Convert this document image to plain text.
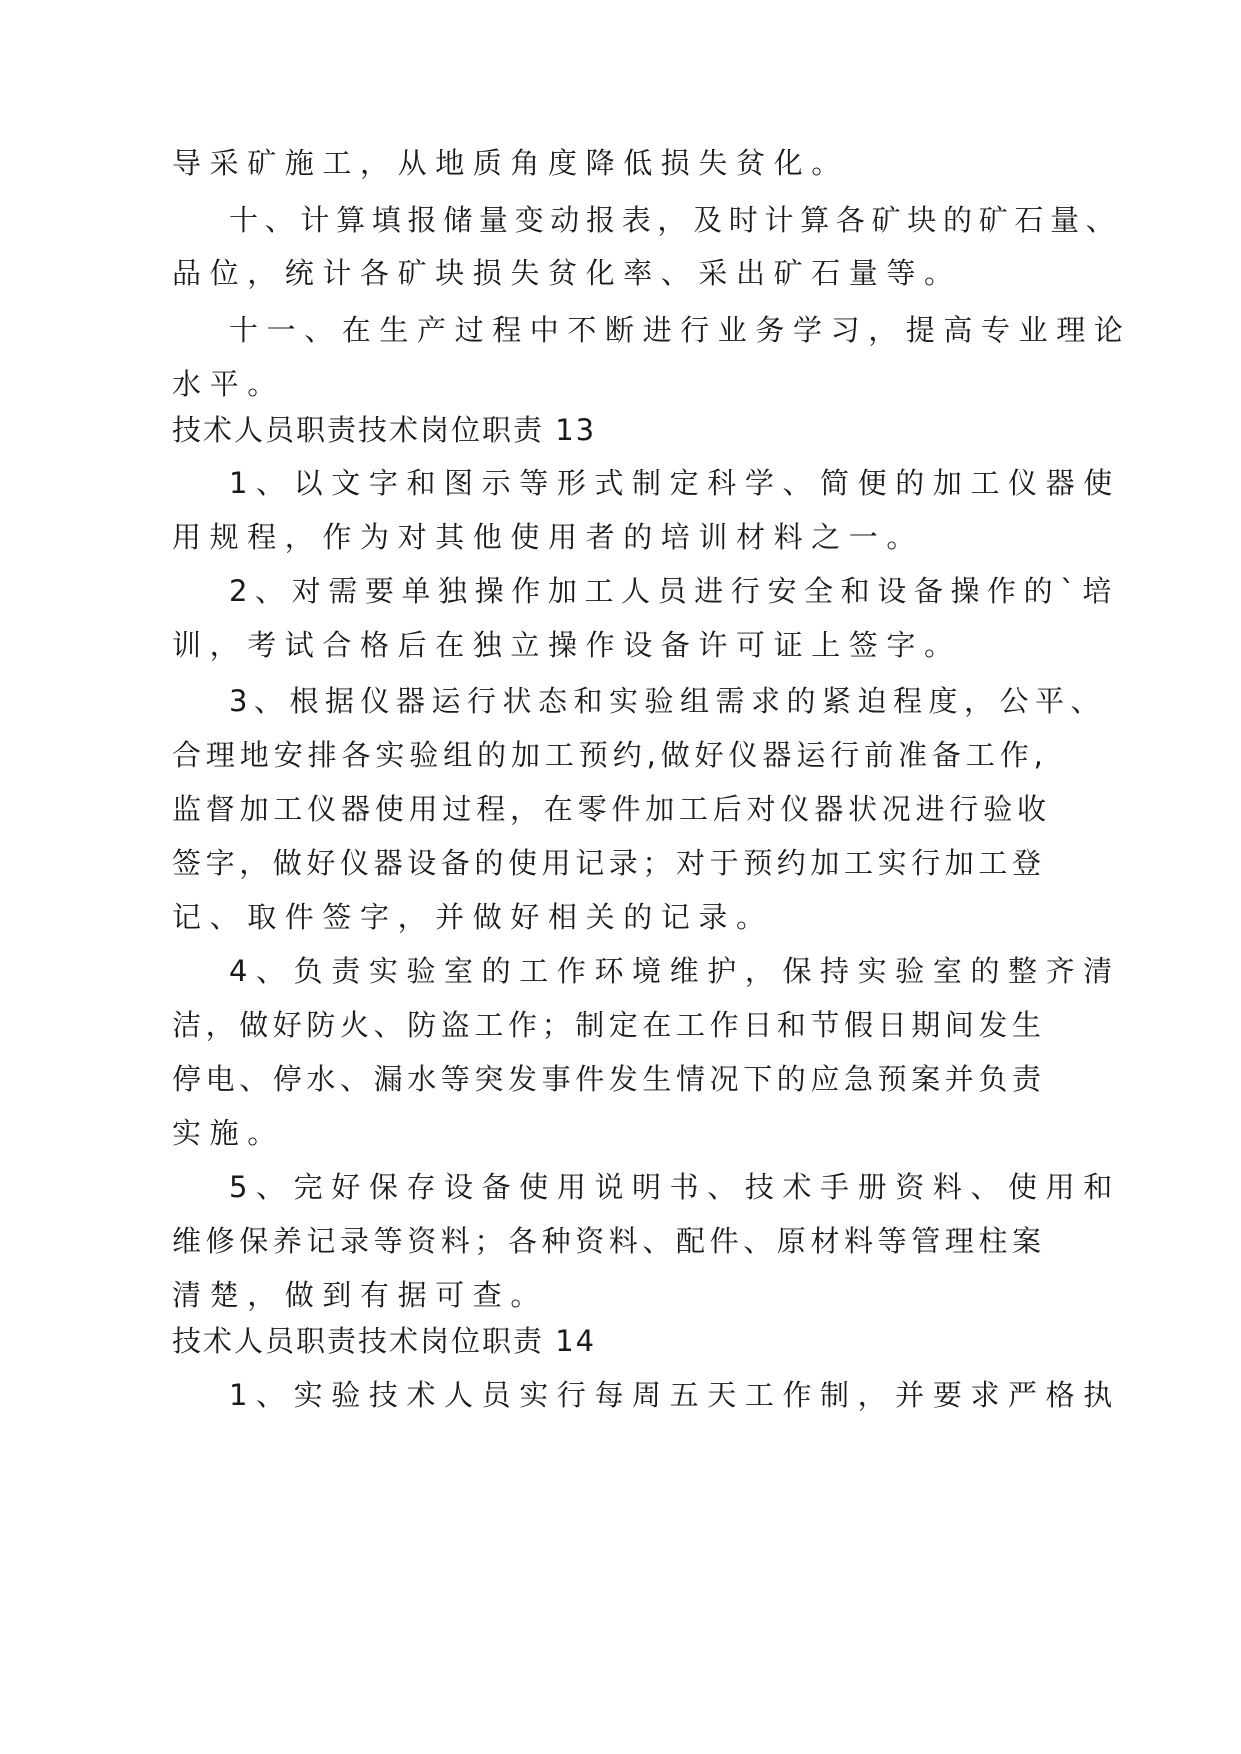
导采矿施工，从地质角度降低损失贫化。
十、计算填报储量变动报表，及时计算各矿块的矿石量、
品位，统计各矿块损失贫化率、采出矿石量等。
十一、在生产过程中不断进行业务学习，提高专业理论
水平。
技术人员职责技术岗位职责 13
1、以文字和图示等形式制定科学、简便的加工仪器使
用规程，作为对其他使用者的培训材料之一。
2、对需要单独操作加工人员进行安全和设备操作的`培
训，考试合格后在独立操作设备许可证上签字。
3、根据仪器运行状态和实验组需求的紧迫程度，公平、
合理地安排各实验组的加工预约,做好仪器运行前准备工作,
监督加工仪器使用过程，在零件加工后对仪器状况进行验收
签字，做好仪器设备的使用记录；对于预约加工实行加工登
记、取件签字，并做好相关的记录。
4、负责实验室的工作环境维护，保持实验室的整齐清
洁，做好防火、防盗工作；制定在工作日和节假日期间发生
停电、停水、漏水等突发事件发生情况下的应急预案并负责
实施。
5、完好保存设备使用说明书、技术手册资料、使用和
维修保养记录等资料；各种资料、配件、原材料等管理柱案
清楚，做到有据可查。
技术人员职责技术岗位职责 14
1、实验技术人员实行每周五天工作制，并要求严格执
